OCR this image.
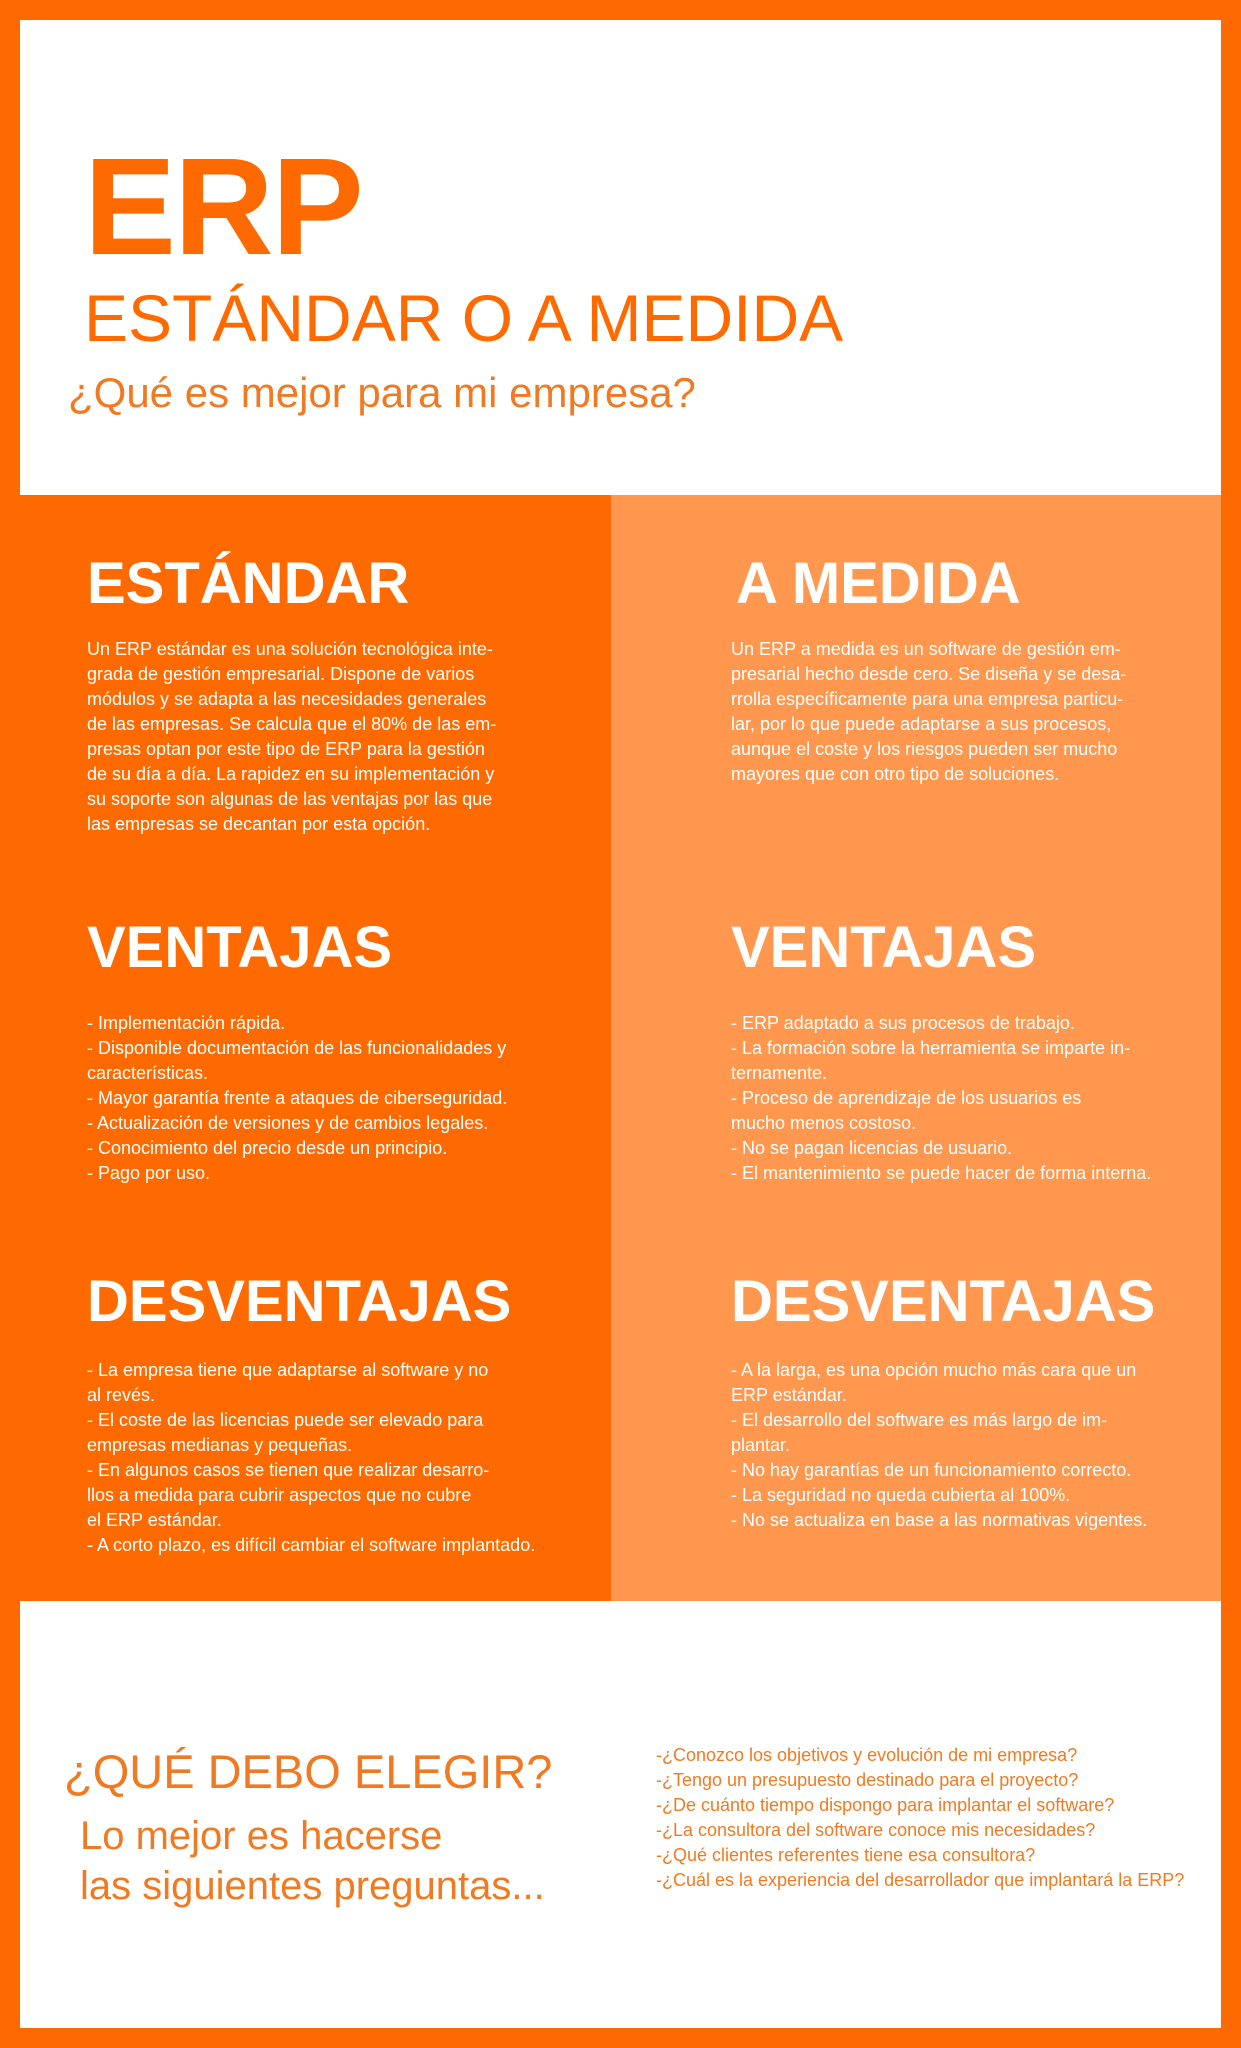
ERP
ESTÁNDAR O A MEDIDA
¿Qué es mejor para mi empresa?
ESTÁNDAR
Un ERP estándar es una solución tecnológica inte-
grada de gestión empresarial. Dispone de varios
módulos y se adapta a las necesidades generales
de las empresas. Se calcula que el 80% de las em-
presas optan por este tipo de ERP para la gestión
de su día a día. La rapidez en su implementación y
su soporte son algunas de las ventajas por las que
las empresas se decantan por esta opción.
VENTAJAS
- Implementación rápida.
- Disponible documentación de las funcionalidades y
características.
- Mayor garantía frente a ataques de ciberseguridad.
- Actualización de versiones y de cambios legales.
- Conocimiento del precio desde un principio.
- Pago por uso.
DESVENTAJAS
- La empresa tiene que adaptarse al software y no
al revés.
- El coste de las licencias puede ser elevado para
empresas medianas y pequeñas.
- En algunos casos se tienen que realizar desarro-
llos a medida para cubrir aspectos que no cubre
el ERP estándar.
- A corto plazo, es difícil cambiar el software implantado.
A MEDIDA
Un ERP a medida es un software de gestión em-
presarial hecho desde cero. Se diseña y se desa-
rrolla específicamente para una empresa particu-
lar, por lo que puede adaptarse a sus procesos,
aunque el coste y los riesgos pueden ser mucho
mayores que con otro tipo de soluciones.
VENTAJAS
- ERP adaptado a sus procesos de trabajo.
- La formación sobre la herramienta se imparte in-
ternamente.
- Proceso de aprendizaje de los usuarios es
mucho menos costoso.
- No se pagan licencias de usuario.
- El mantenimiento se puede hacer de forma interna.
DESVENTAJAS
- A la larga, es una opción mucho más cara que un
ERP estándar.
- El desarrollo del software es más largo de im-
plantar.
- No hay garantías de un funcionamiento correcto.
- La seguridad no queda cubierta al 100%.
- No se actualiza en base a las normativas vigentes.
¿QUÉ DEBO ELEGIR?
Lo mejor es hacerse
las siguientes preguntas...
-¿Conozco los objetivos y evolución de mi empresa?
-¿Tengo un presupuesto destinado para el proyecto?
-¿De cuánto tiempo dispongo para implantar el software?
-¿La consultora del software conoce mis necesidades?
-¿Qué clientes referentes tiene esa consultora?
-¿Cuál es la experiencia del desarrollador que implantará la ERP?
